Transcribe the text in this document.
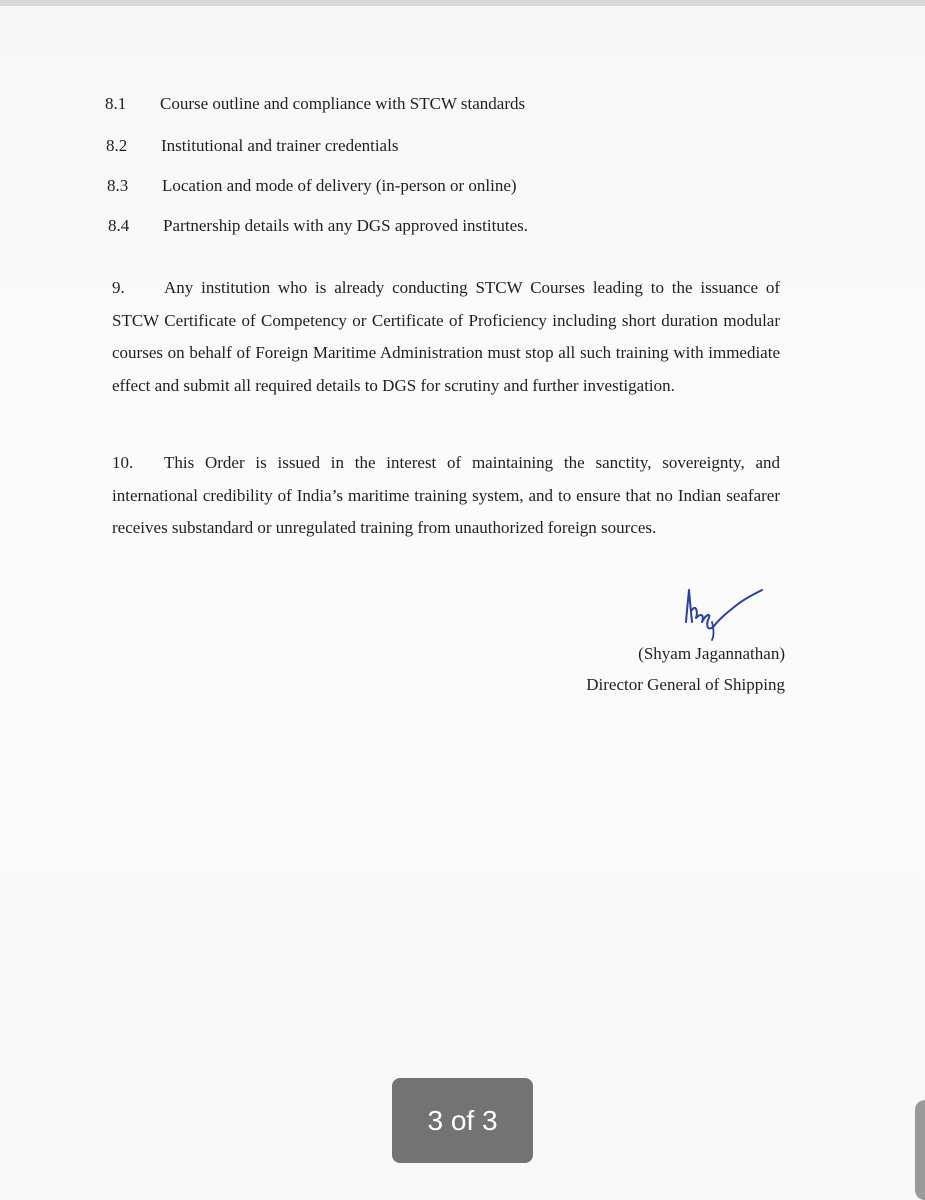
8.1 Course outline and compliance with STCW standards
8.2 Institutional and trainer credentials
8.3 Location and mode of delivery (in-person or online)
8.4 Partnership details with any DGS approved institutes.
9. Any institution who is already conducting STCW Courses leading to the issuance of STCW Certificate of Competency or Certificate of Proficiency including short duration modular courses on behalf of Foreign Maritime Administration must stop all such training with immediate effect and submit all required details to DGS for scrutiny and further investigation.
10. This Order is issued in the interest of maintaining the sanctity, sovereignty, and international credibility of India’s maritime training system, and to ensure that no Indian seafarer receives substandard or unregulated training from unauthorized foreign sources.
(Shyam Jagannathan)
Director General of Shipping
3 of 3
